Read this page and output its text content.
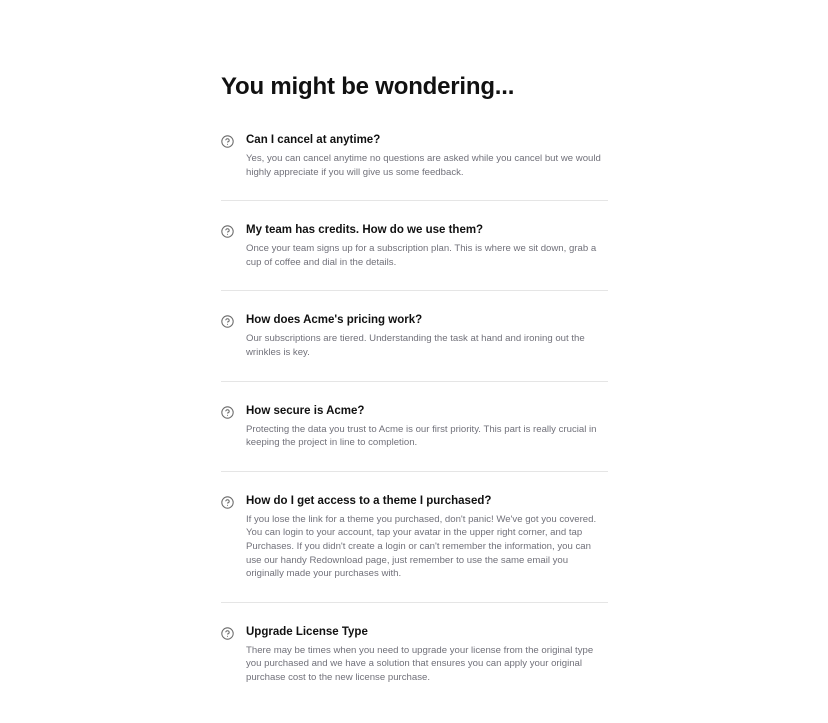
You might be wondering...
Can I cancel at anytime?

Yes, you can cancel anytime no questions are asked while you cancel but we would highly appreciate if you will give us some feedback.

My team has credits. How do we use them?

Once your team signs up for a subscription plan. This is where we sit down, grab a cup of coffee and dial in the details.

How does Acme's pricing work?

Our subscriptions are tiered. Understanding the task at hand and ironing out the wrinkles is key.

How secure is Acme?

Protecting the data you trust to Acme is our first priority. This part is really crucial in keeping the project in line to completion.

How do I get access to a theme I purchased?

If you lose the link for a theme you purchased, don't panic! We've got you covered. You can login to your account, tap your avatar in the upper right corner, and tap Purchases. If you didn't create a login or can't remember the information, you can use our handy Redownload page, just remember to use the same email you originally made your purchases with.

Upgrade License Type

There may be times when you need to upgrade your license from the original type you purchased and we have a solution that ensures you can apply your original purchase cost to the new license purchase.
